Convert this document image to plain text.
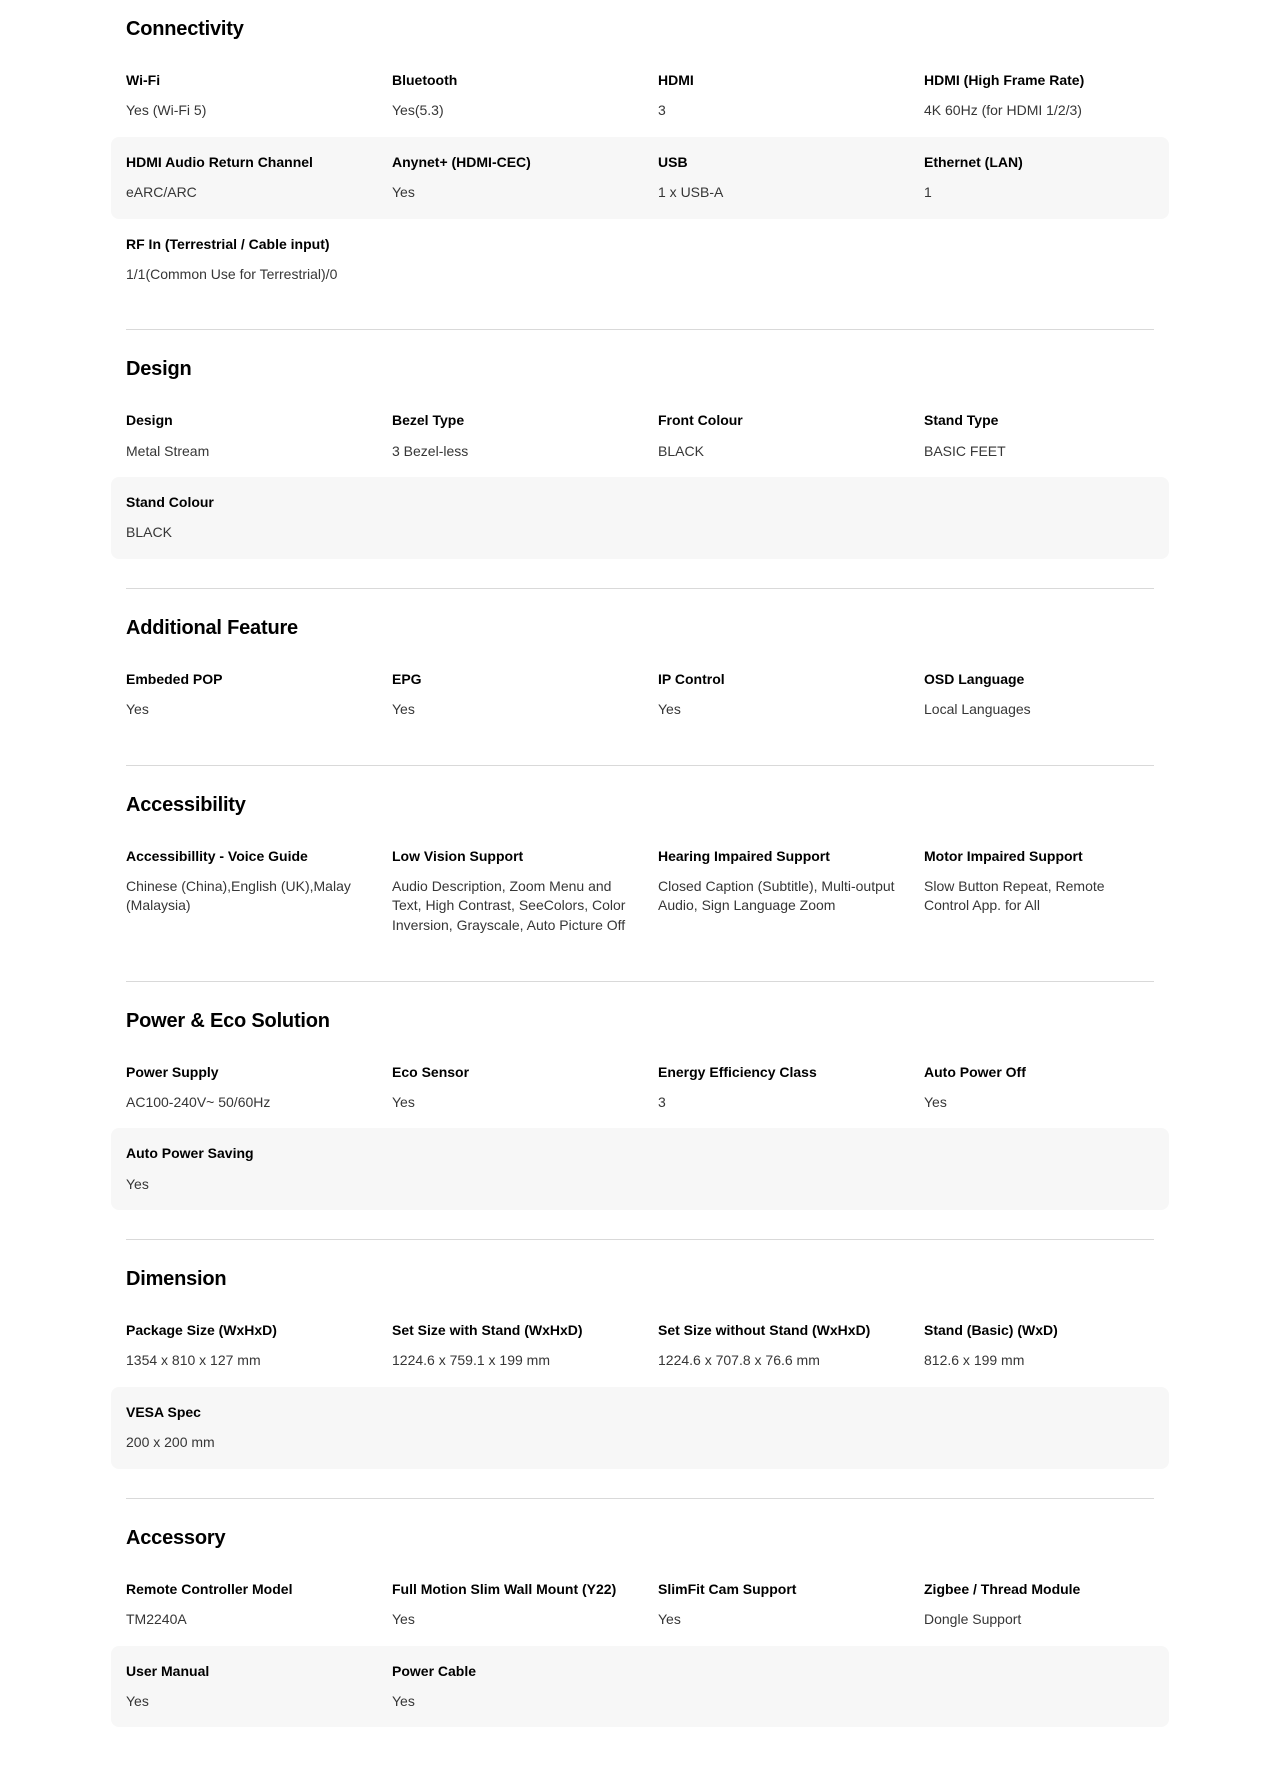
Connectivity
Wi-Fi
Yes (Wi-Fi 5)
Bluetooth
Yes(5.3)
HDMI
3
HDMI (High Frame Rate)
4K 60Hz (for HDMI 1/2/3)
HDMI Audio Return Channel
eARC/ARC
Anynet+ (HDMI-CEC)
Yes
USB
1 x USB-A
Ethernet (LAN)
1
RF In (Terrestrial / Cable input)
1/1(Common Use for Terrestrial)/0
Design
Design
Metal Stream
Bezel Type
3 Bezel-less
Front Colour
BLACK
Stand Type
BASIC FEET
Stand Colour
BLACK
Additional Feature
Embeded POP
Yes
EPG
Yes
IP Control
Yes
OSD Language
Local Languages
Accessibility
Accessibillity - Voice Guide
Chinese (China),English (UK),Malay (Malaysia)
Low Vision Support
Audio Description, Zoom Menu and Text, High Contrast, SeeColors, Color Inversion, Grayscale, Auto Picture Off
Hearing Impaired Support
Closed Caption (Subtitle), Multi-output Audio, Sign Language Zoom
Motor Impaired Support
Slow Button Repeat, Remote Control App. for All
Power & Eco Solution
Power Supply
AC100-240V~ 50/60Hz
Eco Sensor
Yes
Energy Efficiency Class
3
Auto Power Off
Yes
Auto Power Saving
Yes
Dimension
Package Size (WxHxD)
1354 x 810 x 127 mm
Set Size with Stand (WxHxD)
1224.6 x 759.1 x 199 mm
Set Size without Stand (WxHxD)
1224.6 x 707.8 x 76.6 mm
Stand (Basic) (WxD)
812.6 x 199 mm
VESA Spec
200 x 200 mm
Accessory
Remote Controller Model
TM2240A
Full Motion Slim Wall Mount (Y22)
Yes
SlimFit Cam Support
Yes
Zigbee / Thread Module
Dongle Support
User Manual
Yes
Power Cable
Yes
